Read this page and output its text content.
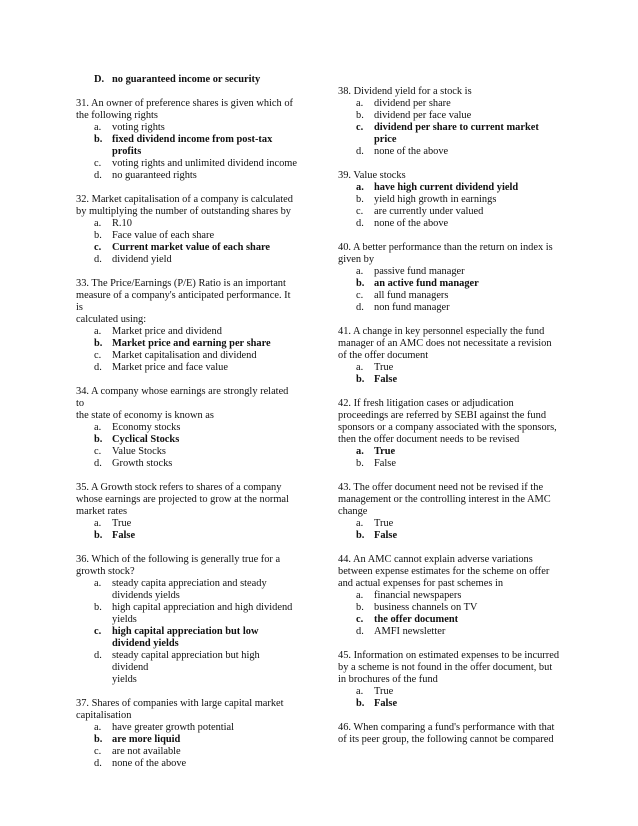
D. no guaranteed income or security
31. An owner of preference shares is given which of
the following rights
a.	voting rights
b. fixed dividend income from post-tax
profits
c.	voting rights and unlimited dividend income
d. no guaranteed rights
32. Market capitalisation of a company is calculated
by multiplying the number of outstanding shares by
a.	R.10
b. Face value of each share
c.	Current market value of each share
d. dividend yield
33. The Price/Earnings (P/E) Ratio is an important
measure of a company's anticipated performance. It is
calculated using:
a.	Market price and dividend
b. Market price and earning per share
c.	Market capitalisation and dividend
d. Market price and face value
34. A company whose earnings are strongly related to
the state of economy is known as
a.	Economy stocks
b. Cyclical Stocks
c.	Value Stocks
d. Growth stocks
35. A Growth stock refers to shares of a company
whose earnings are projected to grow at the normal
market rates
a.	True
b. False
36. Which of the following is generally true for a
growth stock?
a.	steady capita appreciation and steady
dividends yields
b. high capital appreciation and high dividend
yields
c.	high capital appreciation but low
dividend yields
d. steady capital appreciation but high dividend
yields
37. Shares of companies with large capital market
capitalisation
a.	have greater growth potential
b. are more liquid
c.	are not available
d. none of the above
38. Dividend yield for a stock is
a.	dividend per share
b. dividend per face value
c.	dividend per share to current market
price
d. none of the above
39. Value stocks
a. have high current dividend yield
b. yield high growth in earnings
c.	are currently under valued
d. none of the above
40. A better performance than the return on index is
given by
a.	passive fund manager
b. an active fund manager
c.	all fund managers
d. non fund manager
41. A change in key personnel especially the fund
manager of an AMC does not necessitate a revision
of the offer document
a.	True
b. False
42. If fresh litigation cases or adjudication
proceedings are referred by SEBI against the fund
sponsors or a company associated with the sponsors,
then the offer document needs to be revised
a. True
b. False
43. The offer document need not be revised if the
management or the controlling interest in the AMC
change
a.	True
b. False
44. An AMC cannot explain adverse variations
between expense estimates for the scheme on offer
and actual expenses for past schemes in
a.	financial newspapers
b. business channels on TV
c.	the offer document
d. AMFI newsletter
45. Information on estimated expenses to be incurred
by a scheme is not found in the offer document, but
in brochures of the fund
a.	True
b. False
46. When comparing a fund's performance with that
of its peer group, the following cannot be compared
